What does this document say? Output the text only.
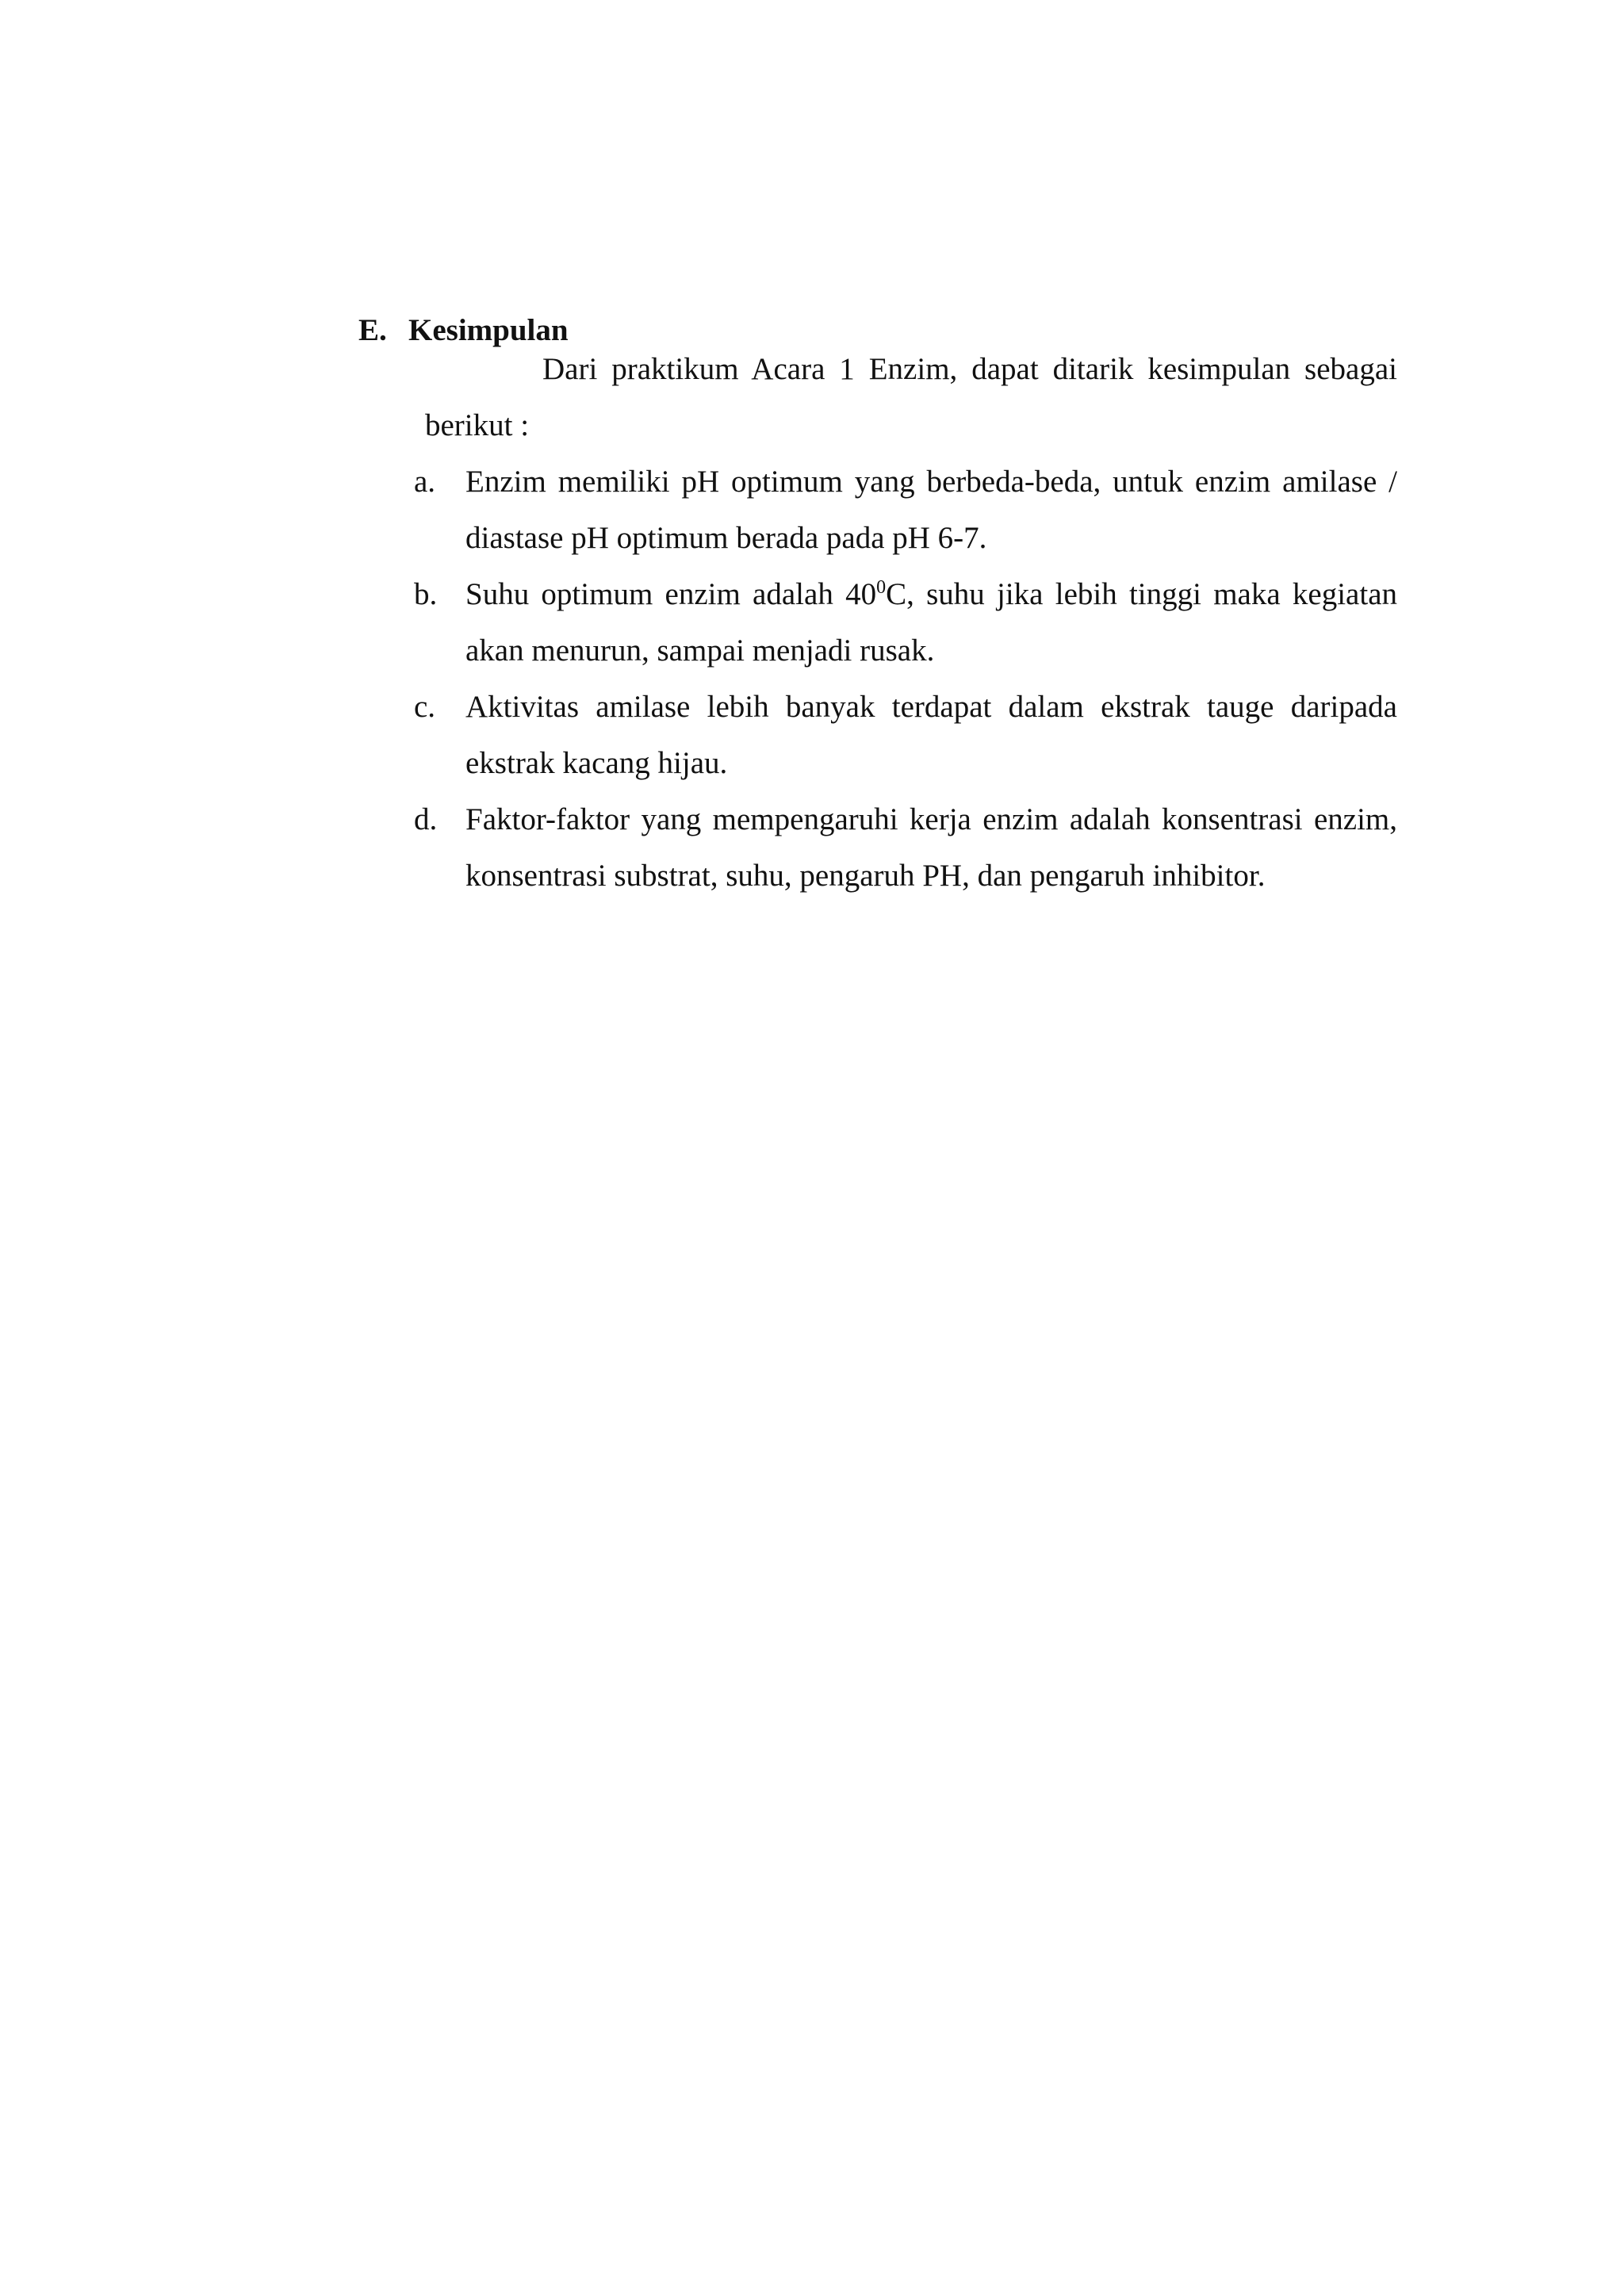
E. Kesimpulan
Dari praktikum Acara 1 Enzim, dapat ditarik kesimpulan sebagai berikut :
a. Enzim memiliki pH optimum yang berbeda-beda, untuk enzim amilase / diastase pH optimum berada pada pH 6-7.
b. Suhu optimum enzim adalah $40^0C$, suhu jika lebih tinggi maka kegiatan akan menurun, sampai menjadi rusak.
c. Aktivitas amilase lebih banyak terdapat dalam ekstrak tauge daripada ekstrak kacang hijau.
d. Faktor-faktor yang mempengaruhi kerja enzim adalah konsentrasi enzim, konsentrasi substrat, suhu, pengaruh PH, dan pengaruh inhibitor.
